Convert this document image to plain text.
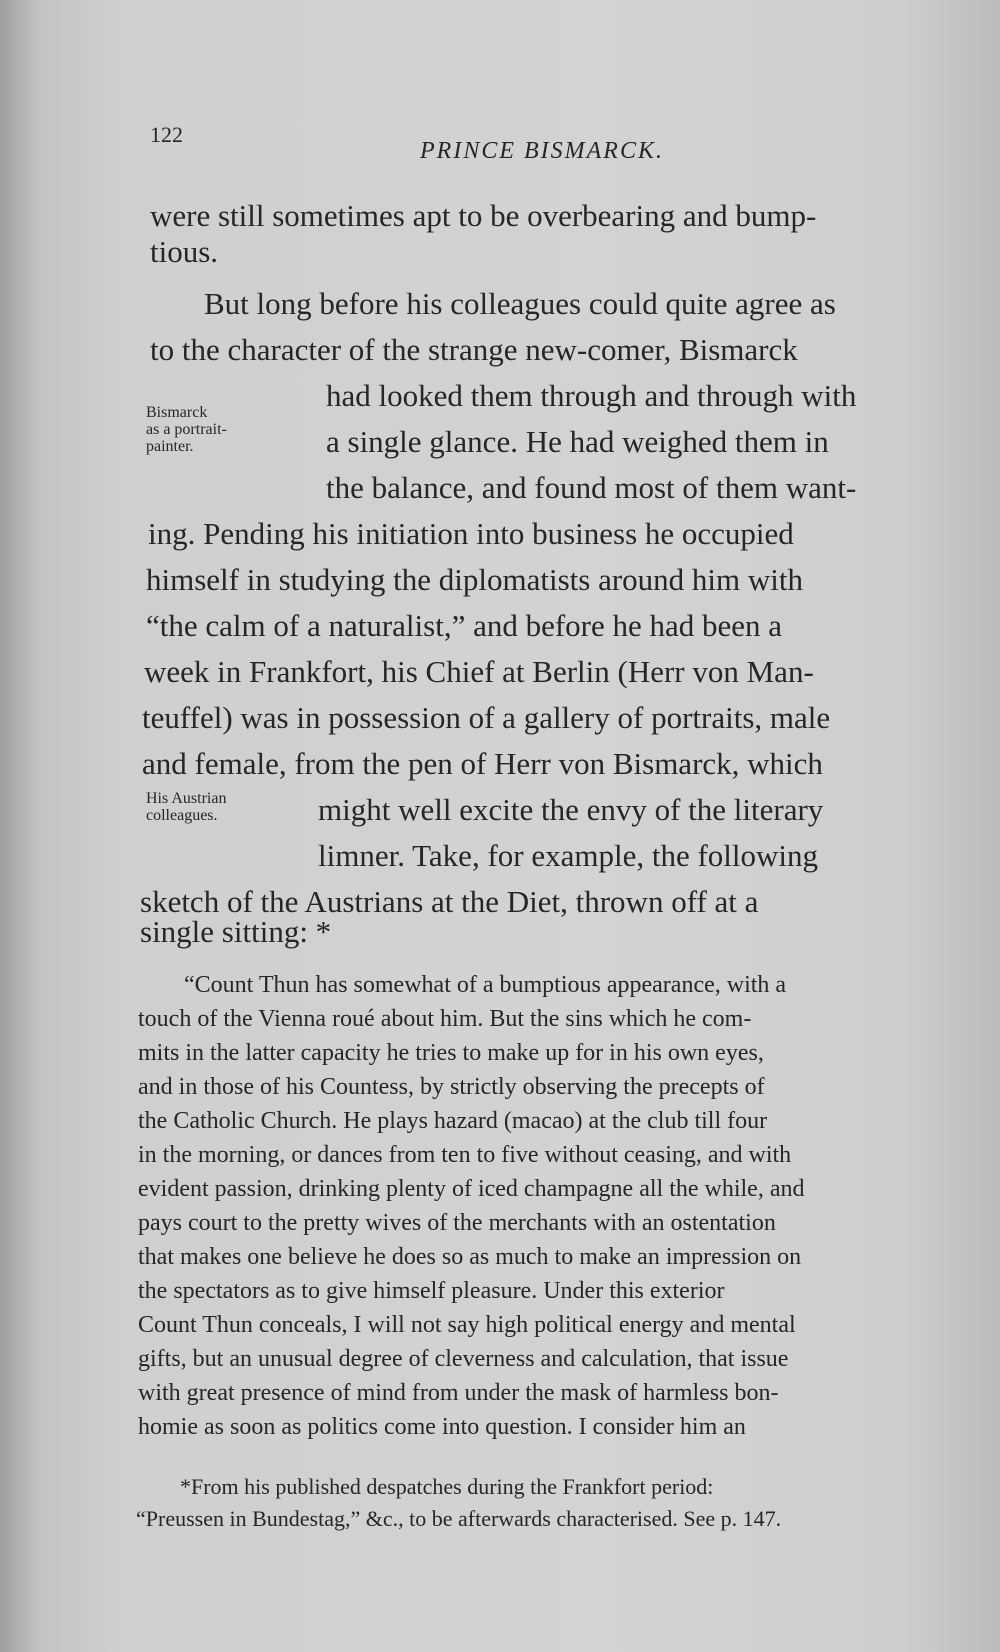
122
PRINCE BISMARCK.
Bismarck
as a portrait-
painter.
His Austrian
colleagues.
were still sometimes apt to be overbearing and bump-
tious.
But long before his colleagues could quite agree as
to the character of the strange new-comer, Bismarck
had looked them through and through with
a single glance. He had weighed them in
the balance, and found most of them want-
ing. Pending his initiation into business he occupied
himself in studying the diplomatists around him with
“the calm of a naturalist,” and before he had been a
week in Frankfort, his Chief at Berlin (Herr von Man-
teuffel) was in possession of a gallery of portraits, male
and female, from the pen of Herr von Bismarck, which
might well excite the envy of the literary
limner. Take, for example, the following
sketch of the Austrians at the Diet, thrown off at a
single sitting: *
“Count Thun has somewhat of a bumptious appearance, with a
touch of the Vienna roué about him. But the sins which he com-
mits in the latter capacity he tries to make up for in his own eyes,
and in those of his Countess, by strictly observing the precepts of
the Catholic Church. He plays hazard (macao) at the club till four
in the morning, or dances from ten to five without ceasing, and with
evident passion, drinking plenty of iced champagne all the while, and
pays court to the pretty wives of the merchants with an ostentation
that makes one believe he does so as much to make an impression on
the spectators as to give himself pleasure. Under this exterior
Count Thun conceals, I will not say high political energy and mental
gifts, but an unusual degree of cleverness and calculation, that issue
with great presence of mind from under the mask of harmless bon-
homie as soon as politics come into question. I consider him an
*From his published despatches during the Frankfort period:
“Preussen in Bundestag,” &c., to be afterwards characterised. See p. 147.
